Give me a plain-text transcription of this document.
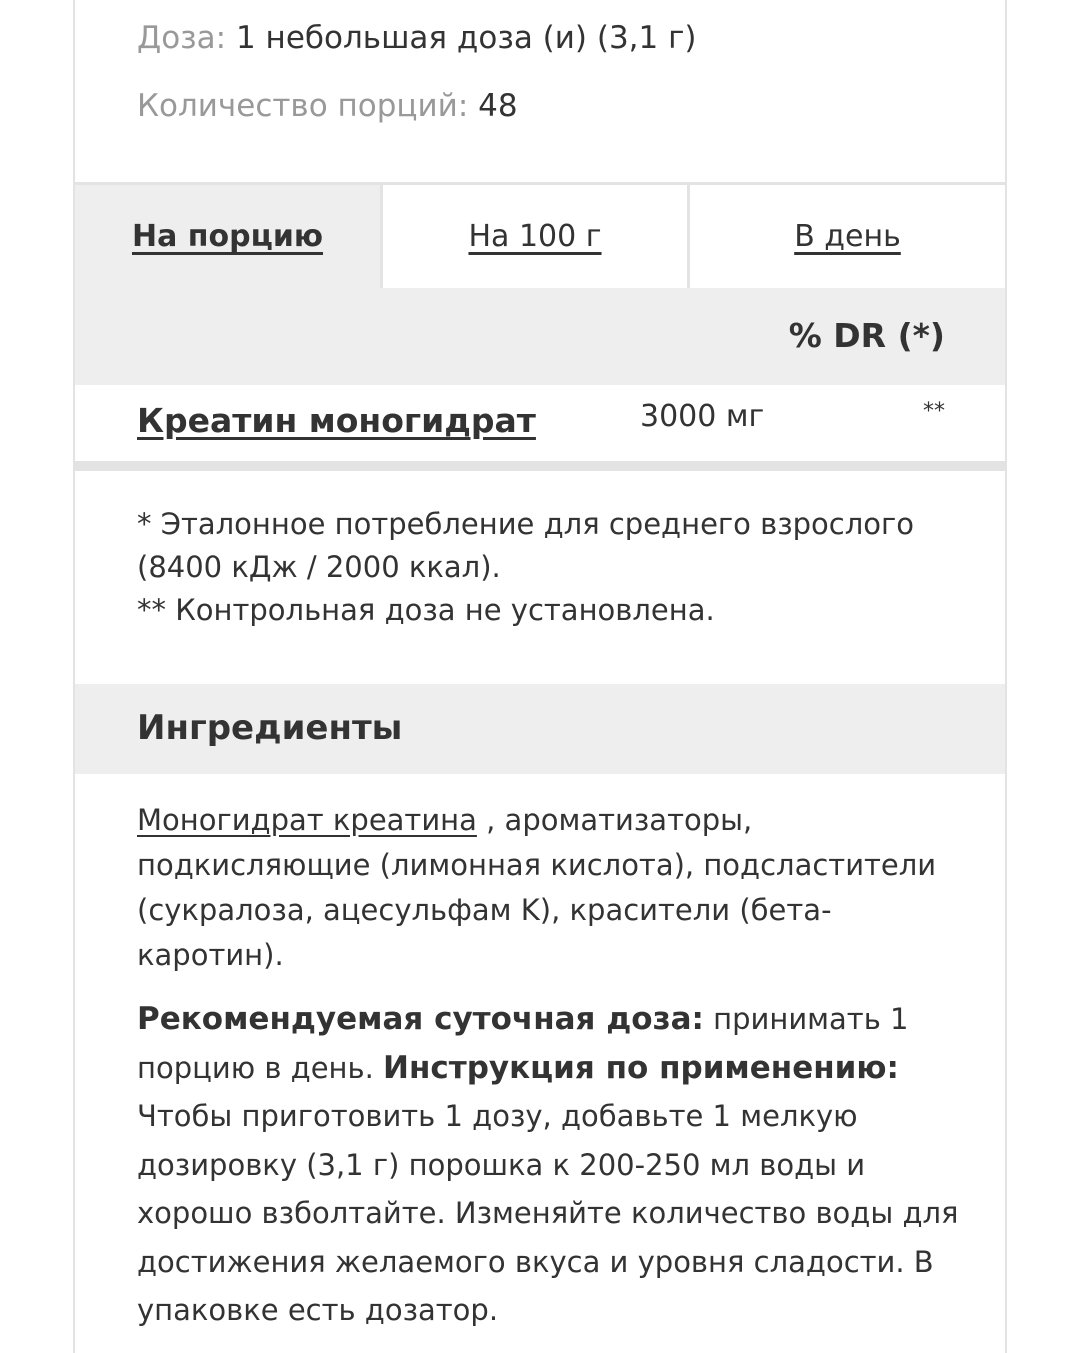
Доза: 1 небольшая доза (и) (3,1 г)
Количество порций: 48
На порцию	На 100 г	В день
% DR (*)
Креатин моногидрат	3000 мг	**
* Эталонное потребление для среднего взрослого (8400 кДж / 2000 ккал).
** Контрольная доза не установлена.
Ингредиенты
Моногидрат креатина , ароматизаторы, подкисляющие (лимонная кислота), подсластители (сукралоза, ацесульфам K), красители (бета-каротин).
Рекомендуемая суточная доза: принимать 1 порцию в день. Инструкция по применению: Чтобы приготовить 1 дозу, добавьте 1 мелкую дозировку (3,1 г) порошка к 200-250 мл воды и хорошо взболтайте. Изменяйте количество воды для достижения желаемого вкуса и уровня сладости. В упаковке есть дозатор.
